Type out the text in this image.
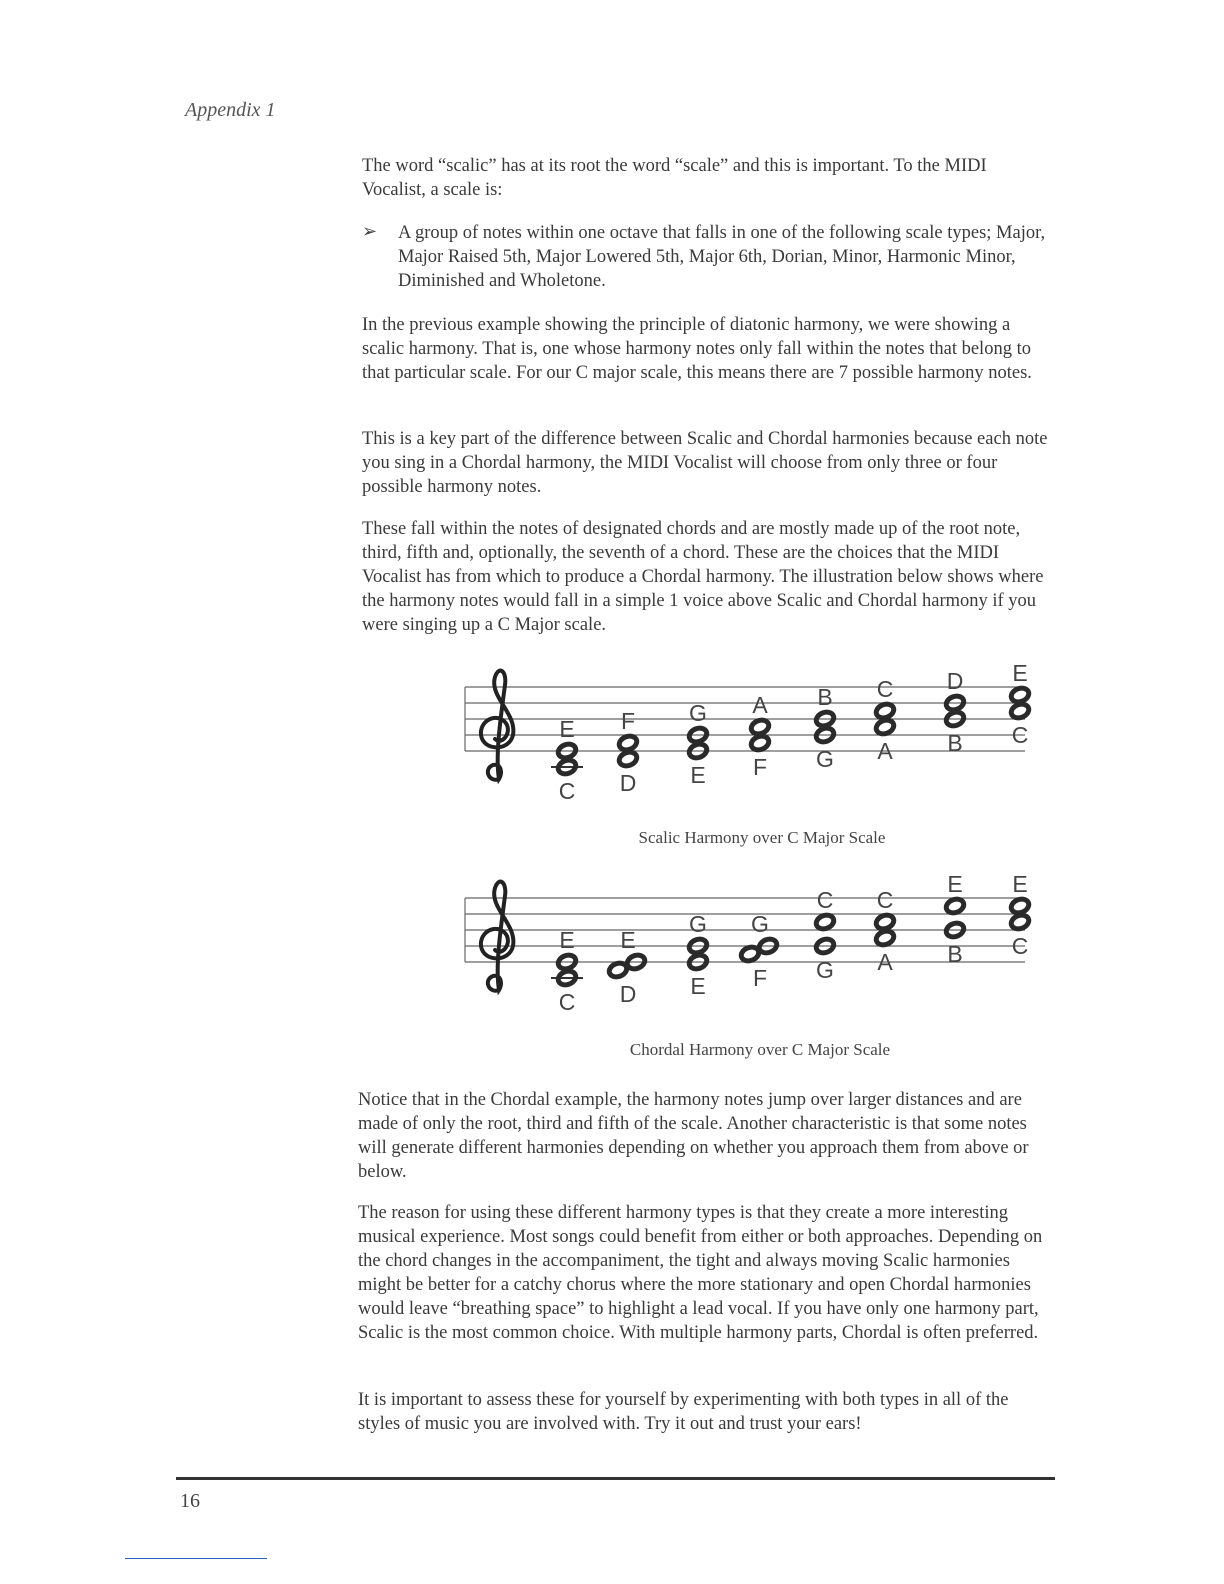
Appendix 1

The word “scalic” has at its root the word “scale” and this is important. To the MIDI Vocalist, a scale is:

➢ A group of notes within one octave that falls in one of the following scale types; Major, Major Raised 5th, Major Lowered 5th, Major 6th, Dorian, Minor, Harmonic Minor, Diminished and Wholetone.

In the previous example showing the principle of diatonic harmony, we were showing a scalic harmony. That is, one whose harmony notes only fall within the notes that belong to that particular scale. For our C major scale, this means there are 7 possible harmony notes.

This is a key part of the difference between Scalic and Chordal harmonies because each note you sing in a Chordal harmony, the MIDI Vocalist will choose from only three or four possible harmony notes.

These fall within the notes of designated chords and are mostly made up of the root note, third, fifth and, optionally, the seventh of a chord. These are the choices that the MIDI Vocalist has from which to produce a Chordal harmony. The illustration below shows where the harmony notes would fall in a simple 1 voice above Scalic and Chordal harmony if you were singing up a C Major scale.

E
C
F
D
G
E
A
F
B
G
C
A
D
B
E
C

Scalic Harmony over C Major Scale

E
C
E
D
G
E
G
F
C
G
C
A
E
B
E
C

Chordal Harmony over C Major Scale

Notice that in the Chordal example, the harmony notes jump over larger distances and are made of only the root, third and fifth of the scale. Another characteristic is that some notes will generate different harmonies depending on whether you approach them from above or below.

The reason for using these different harmony types is that they create a more interesting musical experience. Most songs could benefit from either or both approaches. Depending on the chord changes in the accompaniment, the tight and always moving Scalic harmonies might be better for a catchy chorus where the more stationary and open Chordal harmonies would leave “breathing space” to highlight a lead vocal. If you have only one harmony part, Scalic is the most common choice. With multiple harmony parts, Chordal is often preferred.

It is important to assess these for yourself by experimenting with both types in all of the styles of music you are involved with. Try it out and trust your ears!

16
